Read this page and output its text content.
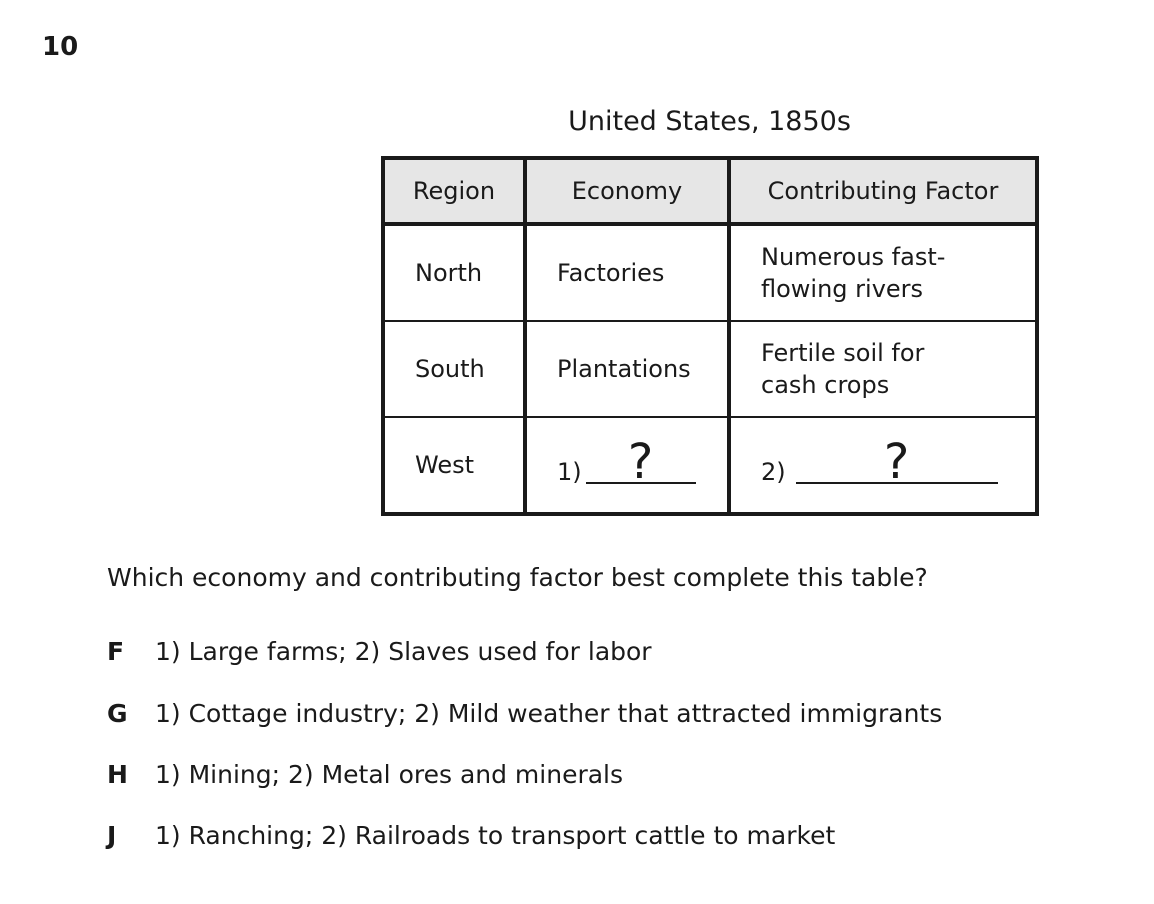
10
United States, 1850s
Region	Economy	Contributing Factor
North	Factories	Numerous fast-
flowing rivers

South	Plantations	Fertile soil for
cash crops

West	1) ?	2) ?
Which economy and contributing factor best complete this table?
F	1) Large farms; 2) Slaves used for labor
G	1) Cottage industry; 2) Mild weather that attracted immigrants
H	1) Mining; 2) Metal ores and minerals
J	1) Ranching; 2) Railroads to transport cattle to market
